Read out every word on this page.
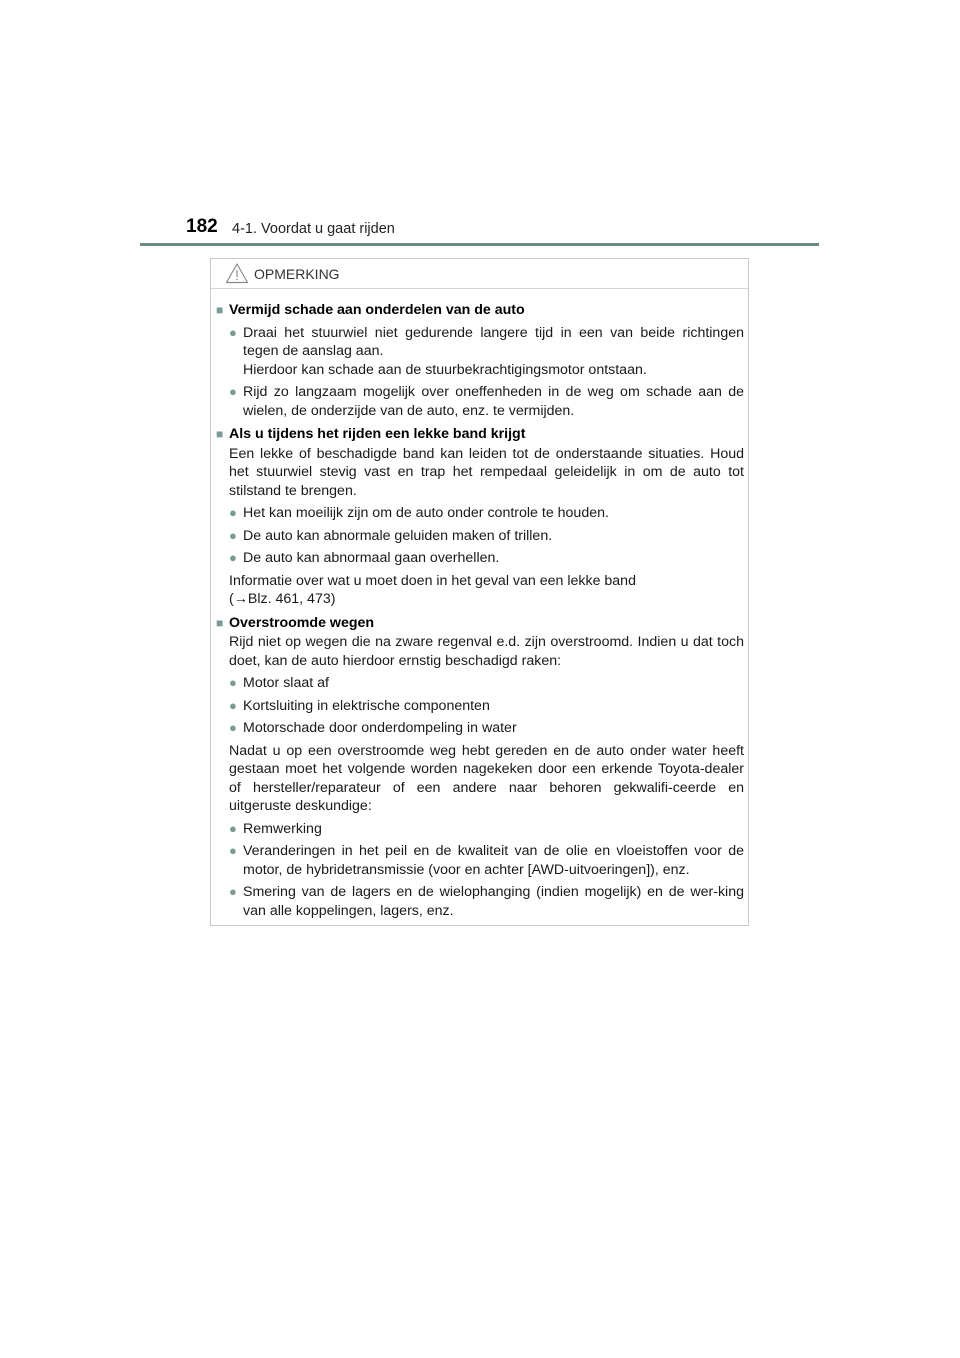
182 4-1. Voordat u gaat rijden
OPMERKING
■ Vermijd schade aan onderdelen van de auto
● Draai het stuurwiel niet gedurende langere tijd in een van beide richtingen tegen de aanslag aan.
Hierdoor kan schade aan de stuurbekrachtigingsmotor ontstaan.
● Rijd zo langzaam mogelijk over oneffenheden in de weg om schade aan de wielen, de onderzijde van de auto, enz. te vermijden.
■ Als u tijdens het rijden een lekke band krijgt
Een lekke of beschadigde band kan leiden tot de onderstaande situaties. Houd het stuurwiel stevig vast en trap het rempedaal geleidelijk in om de auto tot stilstand te brengen.
● Het kan moeilijk zijn om de auto onder controle te houden.
● De auto kan abnormale geluiden maken of trillen.
● De auto kan abnormaal gaan overhellen.
Informatie over wat u moet doen in het geval van een lekke band
(→Blz. 461, 473)
■ Overstroomde wegen
Rijd niet op wegen die na zware regenval e.d. zijn overstroomd. Indien u dat toch doet, kan de auto hierdoor ernstig beschadigd raken:
● Motor slaat af
● Kortsluiting in elektrische componenten
● Motorschade door onderdompeling in water
Nadat u op een overstroomde weg hebt gereden en de auto onder water heeft gestaan moet het volgende worden nagekeken door een erkende Toyota-dealer of hersteller/reparateur of een andere naar behoren gekwalifi-ceerde en uitgeruste deskundige:
● Remwerking
● Veranderingen in het peil en de kwaliteit van de olie en vloeistoffen voor de motor, de hybridetransmissie (voor en achter [AWD-uitvoeringen]), enz.
● Smering van de lagers en de wielophanging (indien mogelijk) en de wer-king van alle koppelingen, lagers, enz.
